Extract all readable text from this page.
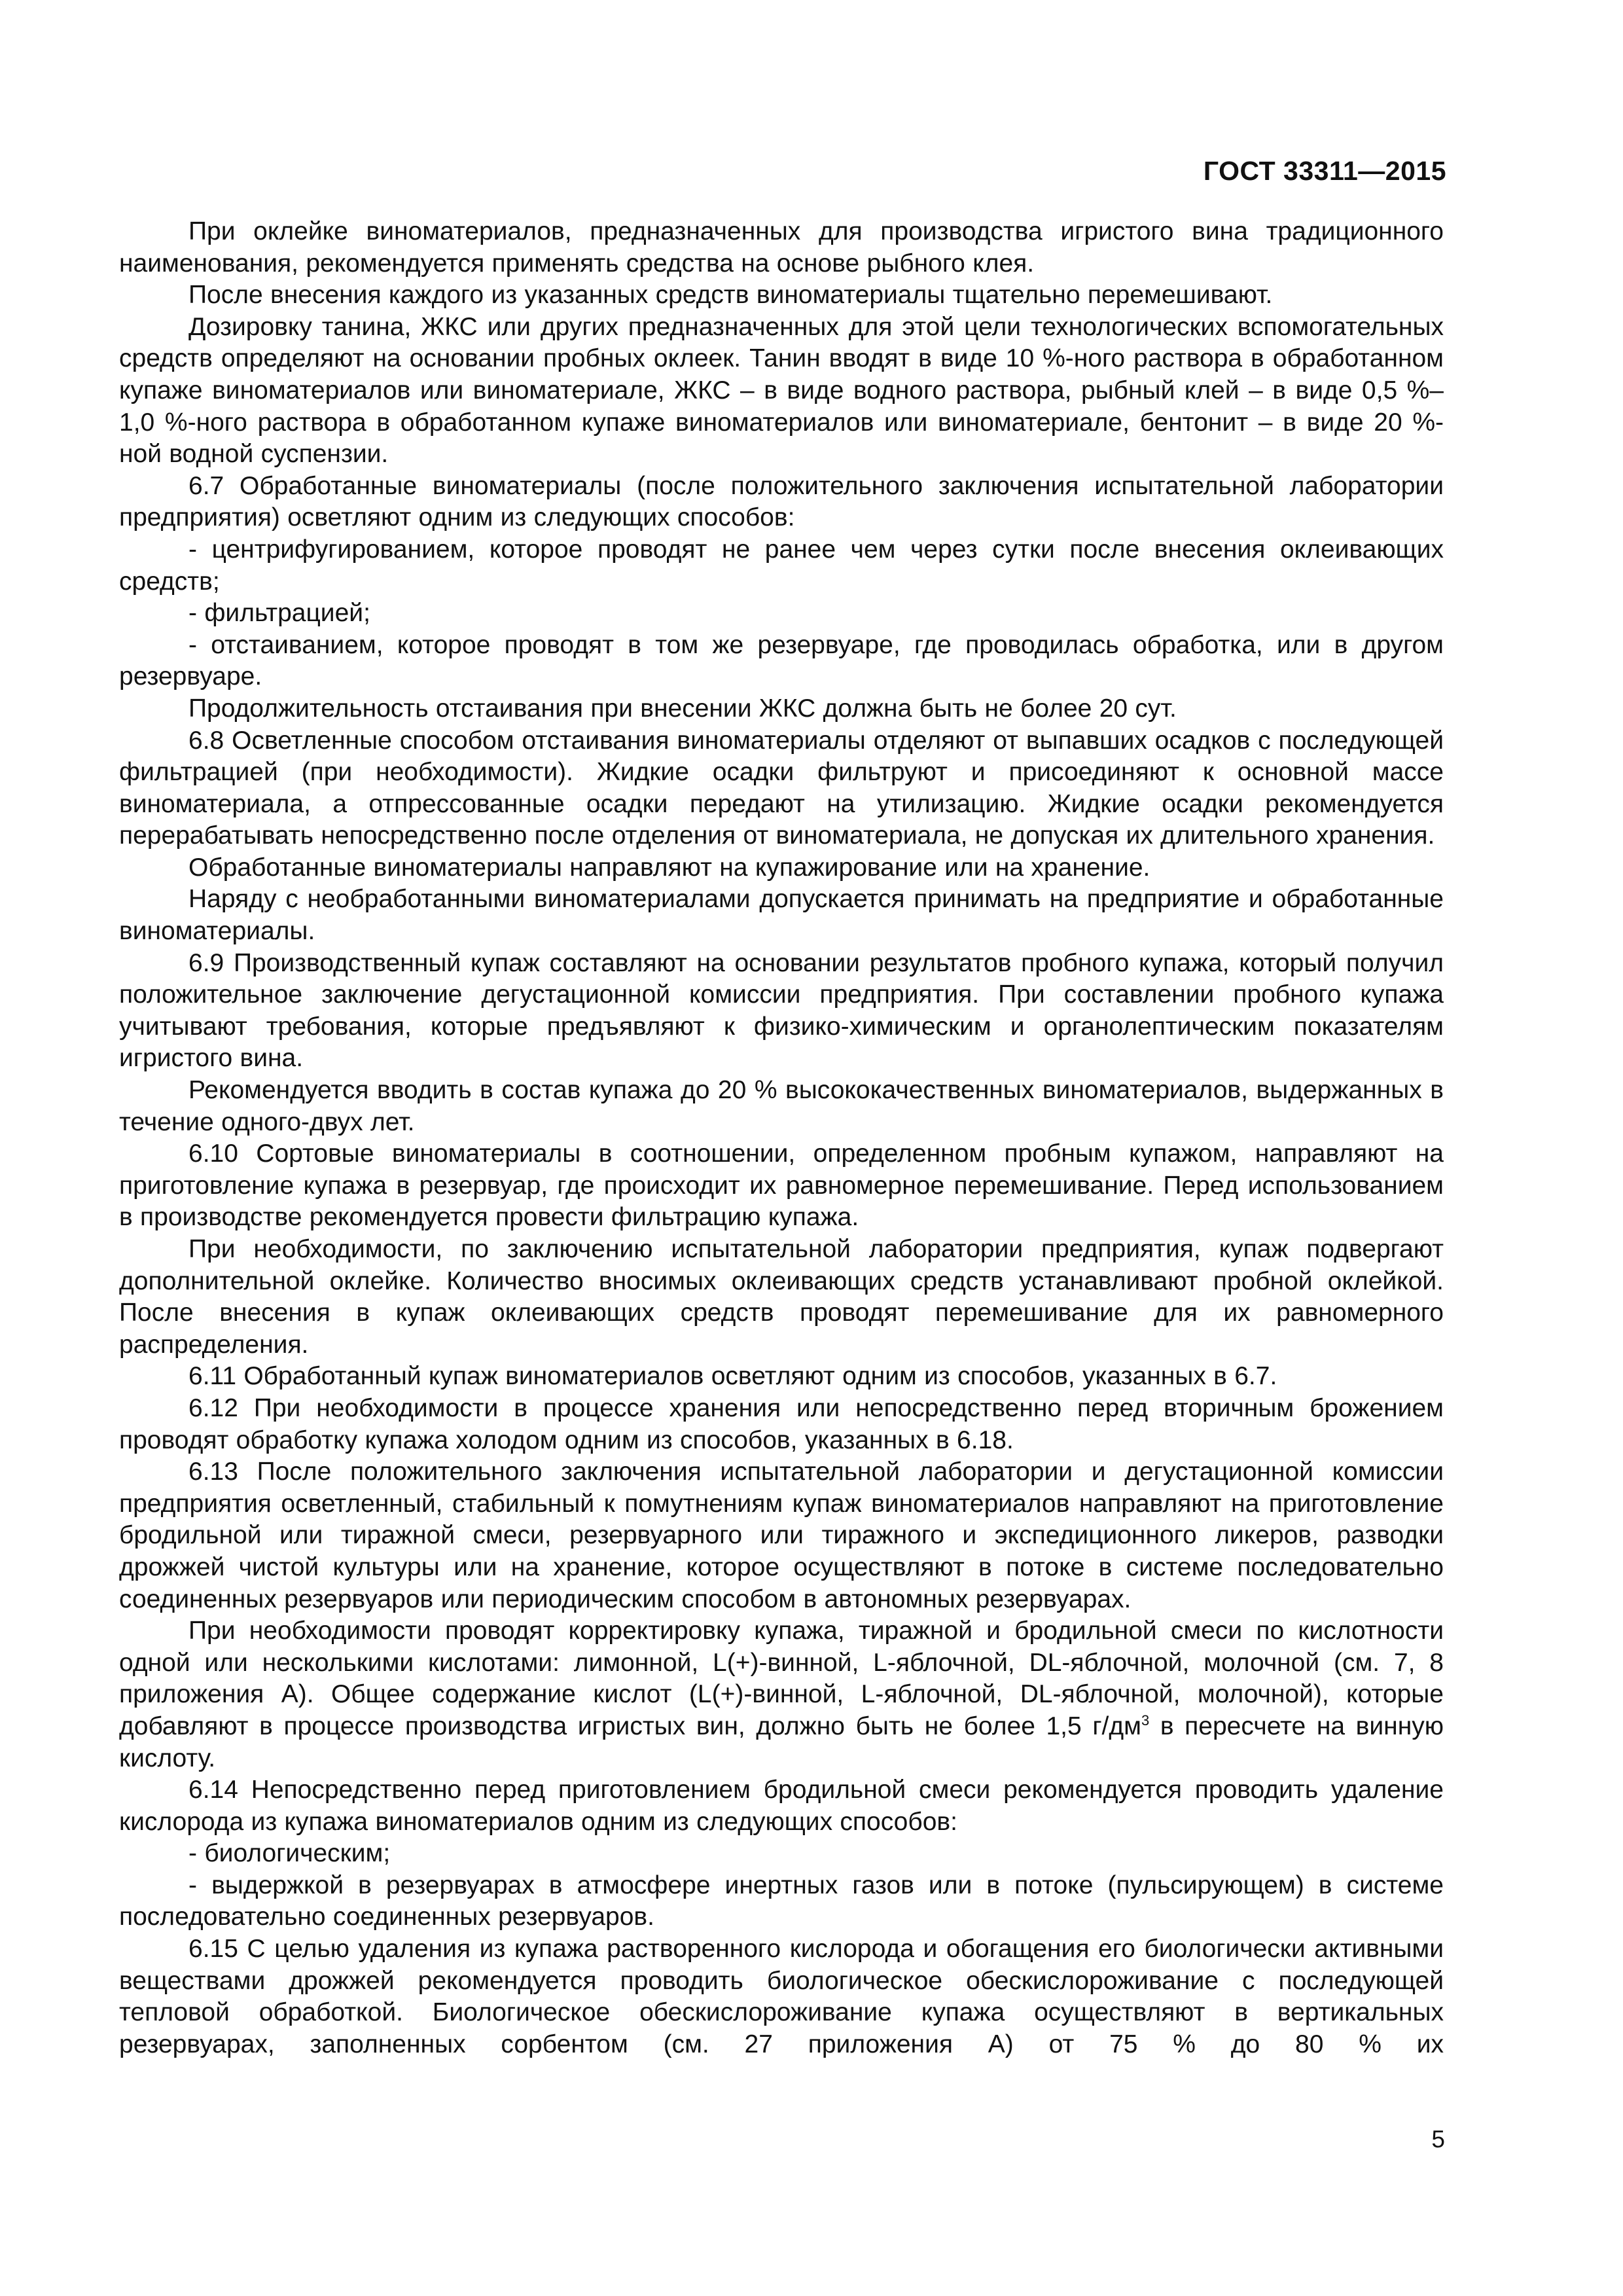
ГОСТ 33311—2015

При оклейке виноматериалов, предназначенных для производства игристого вина традиционного наименования, рекомендуется применять средства на основе рыбного клея.

После внесения каждого из указанных средств виноматериалы тщательно перемешивают.

Дозировку танина, ЖКС или других предназначенных для этой цели технологических вспомогательных средств определяют на основании пробных оклеек. Танин вводят в виде 10 %-ного раствора в обработанном купаже виноматериалов или виноматериале, ЖКС – в виде водного раствора, рыбный клей – в виде 0,5 %–1,0 %-ного раствора в обработанном купаже виноматериалов или виноматериале, бентонит – в виде 20 %-ной водной суспензии.

6.7 Обработанные виноматериалы (после положительного заключения испытательной лаборатории предприятия) осветляют одним из следующих способов:

- центрифугированием, которое проводят не ранее чем через сутки после внесения оклеивающих средств;

- фильтрацией;

- отстаиванием, которое проводят в том же резервуаре, где проводилась обработка, или в другом резервуаре.

Продолжительность отстаивания при внесении ЖКС должна быть не более 20 сут.

6.8 Осветленные способом отстаивания виноматериалы отделяют от выпавших осадков с последующей фильтрацией (при необходимости). Жидкие осадки фильтруют и присоединяют к основной массе виноматериала, а отпрессованные осадки передают на утилизацию. Жидкие осадки рекомендуется перерабатывать непосредственно после отделения от виноматериала, не допуская их длительного хранения.

Обработанные виноматериалы направляют на купажирование или на хранение.

Наряду с необработанными виноматериалами допускается принимать на предприятие и обработанные виноматериалы.

6.9 Производственный купаж составляют на основании результатов пробного купажа, который получил положительное заключение дегустационной комиссии предприятия. При составлении пробного купажа учитывают требования, которые предъявляют к физико-химическим и органолептическим показателям игристого вина.

Рекомендуется вводить в состав купажа до 20 % высококачественных виноматериалов, выдержанных в течение одного-двух лет.

6.10 Сортовые виноматериалы в соотношении, определенном пробным купажом, направляют на приготовление купажа в резервуар, где происходит их равномерное перемешивание. Перед использованием в производстве рекомендуется провести фильтрацию купажа.

При необходимости, по заключению испытательной лаборатории предприятия, купаж подвергают дополнительной оклейке. Количество вносимых оклеивающих средств устанавливают пробной оклейкой. После внесения в купаж оклеивающих средств проводят перемешивание для их равномерного распределения.

6.11 Обработанный купаж виноматериалов осветляют одним из способов, указанных в 6.7.

6.12 При необходимости в процессе хранения или непосредственно перед вторичным брожением проводят обработку купажа холодом одним из способов, указанных в 6.18.

6.13 После положительного заключения испытательной лаборатории и дегустационной комиссии предприятия осветленный, стабильный к помутнениям купаж виноматериалов направляют на приготовление бродильной или тиражной смеси, резервуарного или тиражного и экспедиционного ликеров, разводки дрожжей чистой культуры или на хранение, которое осуществляют в потоке в системе последовательно соединенных резервуаров или периодическим способом в автономных резервуарах.

При необходимости проводят корректировку купажа, тиражной и бродильной смеси по кислотности одной или несколькими кислотами: лимонной, L(+)-винной, L-яблочной, DL-яблочной, молочной (см. 7, 8 приложения А). Общее содержание кислот (L(+)-винной, L-яблочной, DL-яблочной, молочной), которые добавляют в процессе производства игристых вин, должно быть не более 1,5 $г/дм^3$ в пересчете на винную кислоту.

6.14 Непосредственно перед приготовлением бродильной смеси рекомендуется проводить удаление кислорода из купажа виноматериалов одним из следующих способов:

- биологическим;

- выдержкой в резервуарах в атмосфере инертных газов или в потоке (пульсирующем) в системе последовательно соединенных резервуаров.

6.15 С целью удаления из купажа растворенного кислорода и обогащения его биологически активными веществами дрожжей рекомендуется проводить биологическое обескислороживание с последующей тепловой обработкой. Биологическое обескислороживание купажа осуществляют в вертикальных резервуарах, заполненных сорбентом (см. 27 приложения А) от 75 % до 80 % их

5
